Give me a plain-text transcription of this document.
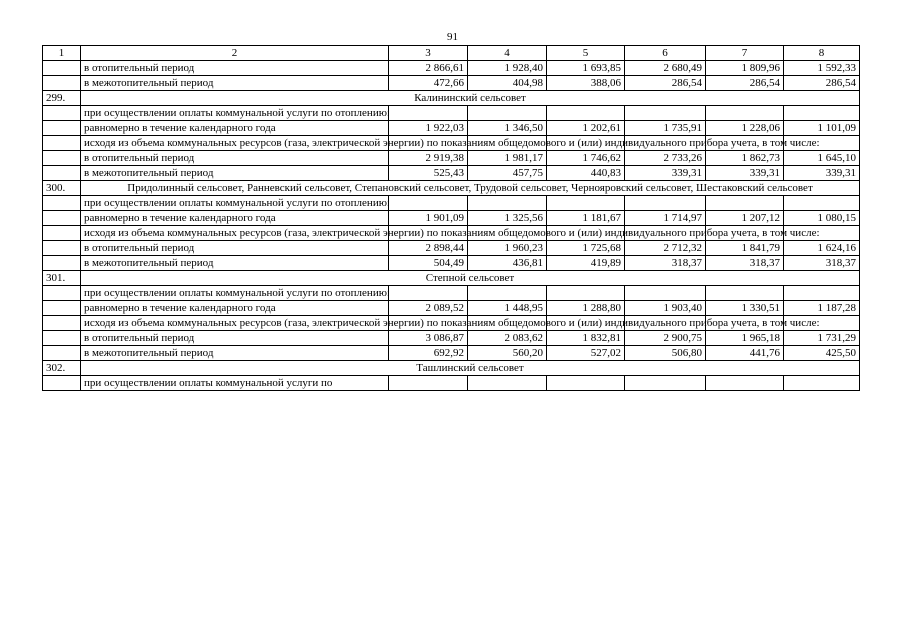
91
1	2	3	4	5	6	7	8
	в отопительный период	2 866,61	1 928,40	1 693,85	2 680,49	1 809,96	1 592,33
	в межотопительный период	472,66	404,98	388,06	286,54	286,54	286,54
299.	Калининский сельсовет						
	при осуществлении оплаты коммунальной услуги по отоплению:						
	равномерно в течение календарного года	1 922,03	1 346,50	1 202,61	1 735,91	1 228,06	1 101,09
	исходя из объема коммунальных ресурсов (газа, электрической энергии) по показаниям общедомового и (или) индивидуального прибора учета, в том числе:						
	в отопительный период	2 919,38	1 981,17	1 746,62	2 733,26	1 862,73	1 645,10
	в межотопительный период	525,43	457,75	440,83	339,31	339,31	339,31
300.	Придолинный сельсовет, Ранневский сельсовет, Степановский сельсовет, Трудовой сельсовет, Чернояровский сельсовет, Шестаковский сельсовет						
	при осуществлении оплаты коммунальной услуги по отоплению:						
	равномерно в течение календарного года	1 901,09	1 325,56	1 181,67	1 714,97	1 207,12	1 080,15
	исходя из объема коммунальных ресурсов (газа, электрической энергии) по показаниям общедомового и (или) индивидуального прибора учета, в том числе:						
	в отопительный период	2 898,44	1 960,23	1 725,68	2 712,32	1 841,79	1 624,16
	в межотопительный период	504,49	436,81	419,89	318,37	318,37	318,37
301.	Степной сельсовет						
	при осуществлении оплаты коммунальной услуги по отоплению:						
	равномерно в течение календарного года	2 089,52	1 448,95	1 288,80	1 903,40	1 330,51	1 187,28
	исходя из объема коммунальных ресурсов (газа, электрической энергии) по показаниям общедомового и (или) индивидуального прибора учета, в том числе:						
	в отопительный период	3 086,87	2 083,62	1 832,81	2 900,75	1 965,18	1 731,29
	в межотопительный период	692,92	560,20	527,02	506,80	441,76	425,50
302.	Ташлинский сельсовет						
	при осуществлении оплаты коммунальной услуги по						
